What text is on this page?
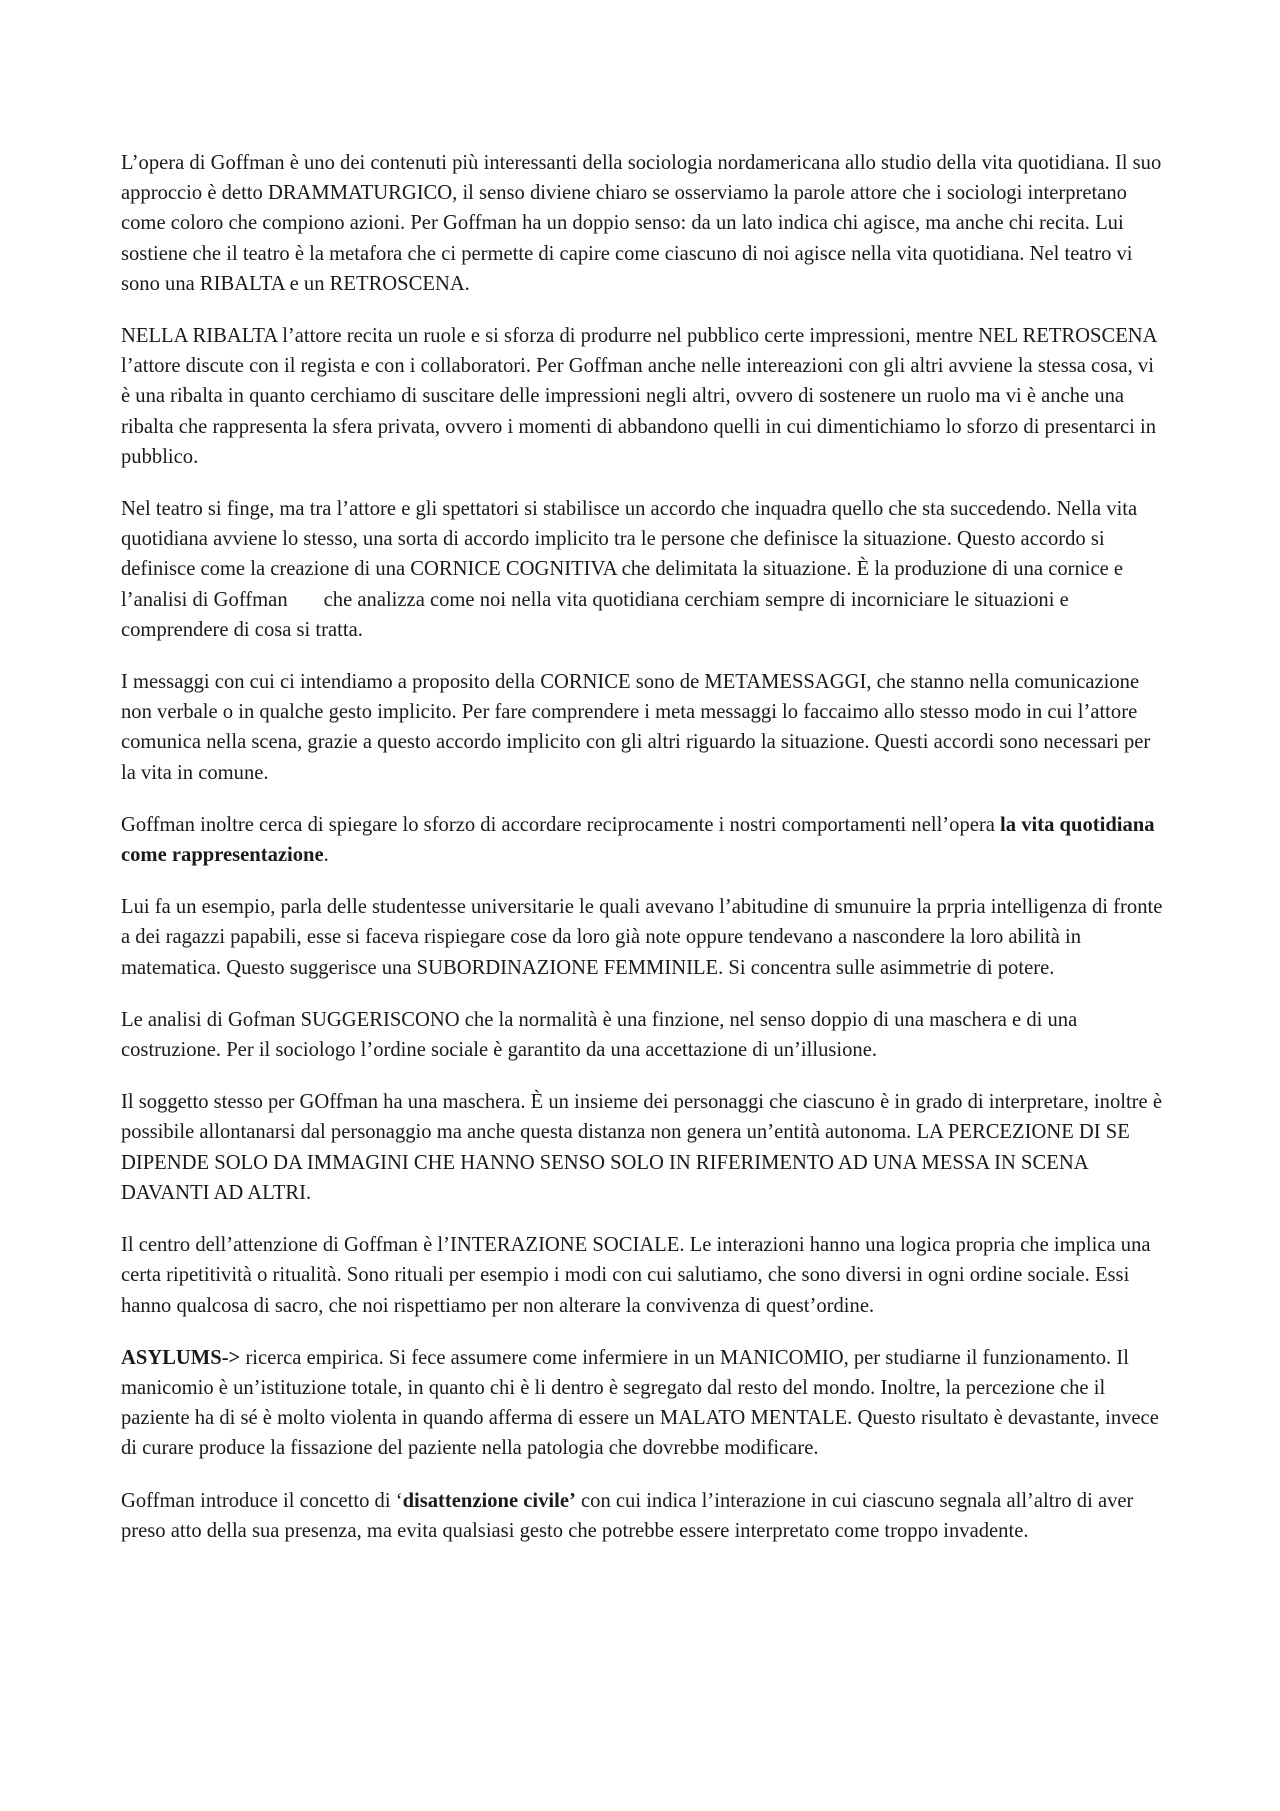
L’opera di Goffman è uno dei contenuti più interessanti della sociologia nordamericana allo studio della vita quotidiana. Il suo approccio è detto DRAMMATURGICO, il senso diviene chiaro se osserviamo la parole attore che i sociologi interpretano come coloro che compiono azioni. Per Goffman ha un doppio senso: da un lato indica chi agisce, ma anche chi recita. Lui sostiene che il teatro è la metafora che ci permette di capire come ciascuno di noi agisce nella vita quotidiana. Nel teatro vi sono una RIBALTA e un RETROSCENA.

NELLA RIBALTA l’attore recita un ruole e si sforza di produrre nel pubblico certe impressioni, mentre NEL RETROSCENA l’attore discute con il regista e con i collaboratori. Per Goffman anche nelle intereazioni con gli altri avviene la stessa cosa, vi è una ribalta in quanto cerchiamo di suscitare delle impressioni negli altri, ovvero di sostenere un ruolo ma vi è anche una ribalta che rappresenta la sfera privata, ovvero i momenti di abbandono quelli in cui dimentichiamo lo sforzo di presentarci in pubblico.

Nel teatro si finge, ma tra l’attore e gli spettatori si stabilisce un accordo che inquadra quello che sta succedendo. Nella vita quotidiana avviene lo stesso, una sorta di accordo implicito tra le persone che definisce la situazione. Questo accordo si definisce come la creazione di una CORNICE COGNITIVA che delimitata la situazione. È la produzione di una cornice e l’analisi di Goffman       che analizza come noi nella vita quotidiana cerchiam sempre di incorniciare le situazioni e comprendere di cosa si tratta.

I messaggi con cui ci intendiamo a proposito della CORNICE sono de METAMESSAGGI, che stanno nella comunicazione non verbale o in qualche gesto implicito. Per fare comprendere i meta messaggi lo faccaimo allo stesso modo in cui l’attore comunica nella scena, grazie a questo accordo implicito con gli altri riguardo la situazione. Questi accordi sono necessari per la vita in comune.

Goffman inoltre cerca di spiegare lo sforzo di accordare reciprocamente i nostri comportamenti nell’opera la vita quotidiana come rappresentazione.

Lui fa un esempio, parla delle studentesse universitarie le quali avevano l’abitudine di smunuire la prpria intelligenza di fronte a dei ragazzi papabili, esse si faceva rispiegare cose da loro già note oppure tendevano a nascondere la loro abilità in matematica. Questo suggerisce una SUBORDINAZIONE FEMMINILE. Si concentra sulle asimmetrie di potere.

Le analisi di Gofman SUGGERISCONO che la normalità è una finzione, nel senso doppio di una maschera e di una costruzione. Per il sociologo l’ordine sociale è garantito da una accettazione di un’illusione.

Il soggetto stesso per GOffman ha una maschera. È un insieme dei personaggi che ciascuno è in grado di interpretare, inoltre è possibile allontanarsi dal personaggio ma anche questa distanza non genera un’entità autonoma. LA PERCEZIONE DI SE DIPENDE SOLO DA IMMAGINI CHE HANNO SENSO SOLO IN RIFERIMENTO AD UNA MESSA IN SCENA DAVANTI AD ALTRI.

Il centro dell’attenzione di Goffman è l’INTERAZIONE SOCIALE. Le interazioni hanno una logica propria che implica una certa ripetitività o ritualità. Sono rituali per esempio i modi con cui salutiamo, che sono diversi in ogni ordine sociale. Essi hanno qualcosa di sacro, che noi rispettiamo per non alterare la convivenza di quest’ordine.

ASYLUMS-> ricerca empirica. Si fece assumere come infermiere in un MANICOMIO, per studiarne il funzionamento. Il manicomio è un’istituzione totale, in quanto chi è li dentro è segregato dal resto del mondo. Inoltre, la percezione che il paziente ha di sé è molto violenta in quando afferma di essere un MALATO MENTALE. Questo risultato è devastante, invece di curare produce la fissazione del paziente nella patologia che dovrebbe modificare.

Goffman introduce il concetto di ‘disattenzione civile’ con cui indica l’interazione in cui ciascuno segnala all’altro di aver preso atto della sua presenza, ma evita qualsiasi gesto che potrebbe essere interpretato come troppo invadente.
